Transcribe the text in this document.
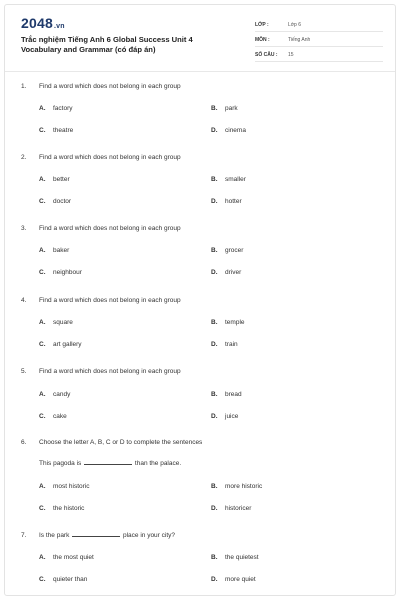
2048.vn
Trắc nghiệm Tiếng Anh 6 Global Success Unit 4 Vocabulary and Grammar (có đáp án)
LỚP :	Lớp 6
MÔN :	Tiếng Anh
SỐ CÂU : 15
1. Find a word which does not belong in each group
A. factory	B. park
C. theatre	D. cinema
2. Find a word which does not belong in each group
A. better	B. smaller
C. doctor	D. hotter
3. Find a word which does not belong in each group
A. baker	B. grocer
C. neighbour	D. driver
4. Find a word which does not belong in each group
A. square	B. temple
C. art gallery	D. train
5. Find a word which does not belong in each group
A. candy	B. bread
C. cake	D. juice
6. Choose the letter A, B, C or D to complete the sentences
This pagoda is	than the palace.
A. most historic	B. more historic
C. the historic	D. historicer
7. Is the park	place in your city?
A. the most quiet	B. the quietest
C. quieter than	D. more quiet
